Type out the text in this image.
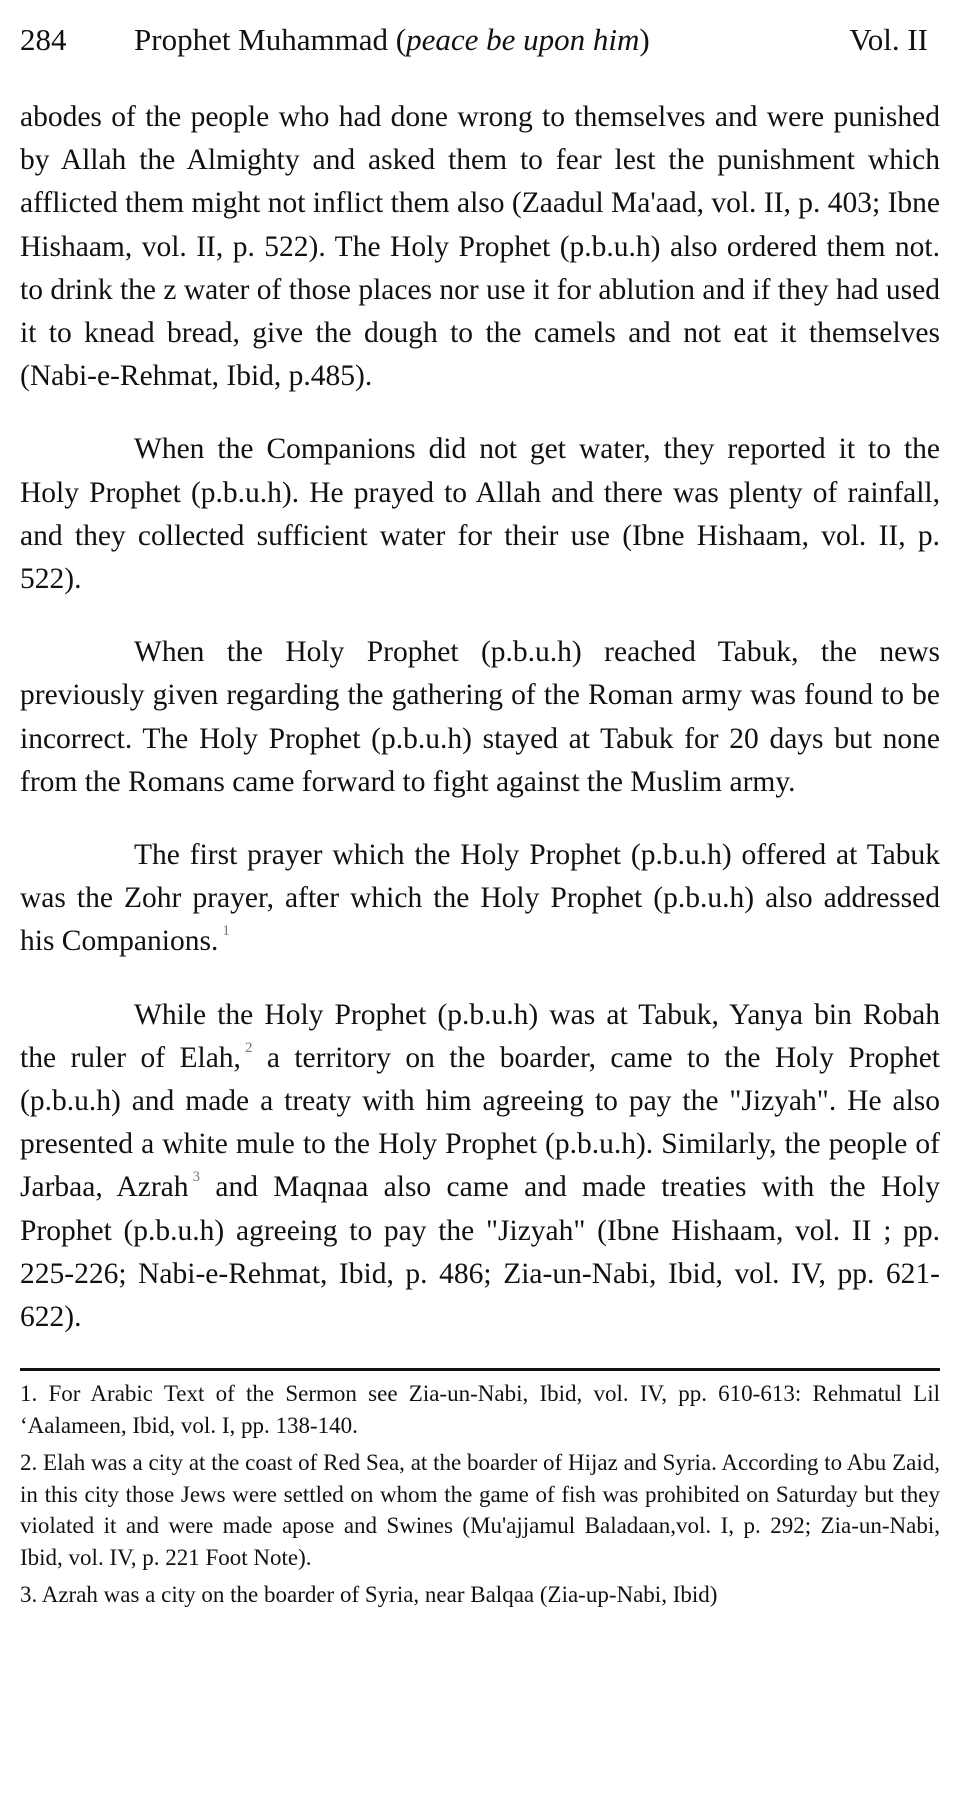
284 Prophet Muhammad (peace be upon him)	Vol. II

abodes of the people who had done wrong to themselves and were punished by Allah the Almighty and asked them to fear lest the punishment which afflicted them might not inflict them also (Zaadul Ma'aad, vol. II, p. 403; Ibne Hishaam, vol. II, p. 522). The Holy Prophet (p.b.u.h) also ordered them not. to drink the z water of those places nor use it for ablution and if they had used it to knead bread, give the dough to the camels and not eat it themselves (Nabi-e-Rehmat, Ibid, p.485).

When the Companions did not get water, they reported it to the Holy Prophet (p.b.u.h). He prayed to Allah and there was plenty of rainfall, and they collected sufficient water for their use (Ibne Hishaam, vol. II, p. 522).

When the Holy Prophet (p.b.u.h) reached Tabuk, the news previously given regarding the gathering of the Roman army was found to be incorrect. The Holy Prophet (p.b.u.h) stayed at Tabuk for 20 days but none from the Romans came forward to fight against the Muslim army.

The first prayer which the Holy Prophet (p.b.u.h) offered at Tabuk was the Zohr prayer, after which the Holy Prophet (p.b.u.h) also addressed his Companions. $^1$

While the Holy Prophet (p.b.u.h) was at Tabuk, Yanya bin Robah the ruler of Elah, $^2$ a territory on the boarder, came to the Holy Prophet (p.b.u.h) and made a treaty with him agreeing to pay the "Jizyah". He also presented a white mule to the Holy Prophet (p.b.u.h). Similarly, the people of Jarbaa, Azrah $^3$ and Maqnaa also came and made treaties with the Holy Prophet (p.b.u.h) agreeing to pay the "Jizyah" (Ibne Hishaam, vol. II ; pp. 225-226; Nabi-e-Rehmat, Ibid, p. 486; Zia-un-Nabi, Ibid, vol. IV, pp. 621-622).

1. For Arabic Text of the Sermon see Zia-un-Nabi, Ibid, vol. IV, pp. 610-613: Rehmatul Lil ‘Aalameen, Ibid, vol. I, pp. 138-140.

2. Elah was a city at the coast of Red Sea, at the boarder of Hijaz and Syria. According to Abu Zaid, in this city those Jews were settled on whom the game of fish was prohibited on Saturday but they violated it and were made apose and Swines (Mu'ajjamul Baladaan,vol. I, p. 292; Zia-un-Nabi, Ibid, vol. IV, p. 221 Foot Note).

3. Azrah was a city on the boarder of Syria, near Balqaa (Zia-up-Nabi, Ibid)
